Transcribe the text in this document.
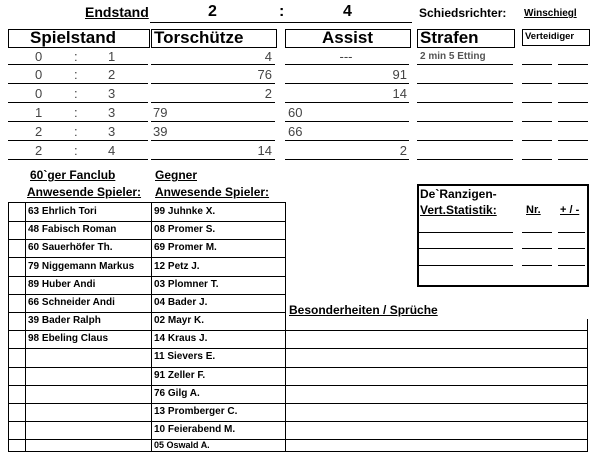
Endstand	2	:	4	Schiedsrichter: Winschiegl
Spielstand Torschütze	Assist	Strafen	Verteidiger
0 : 1	4	---	2 min 5 Etting
0 : 2	76	91
0 : 3	2	14
1 : 3	79	60
2 : 3	39	66
2 : 4	14	2
60`ger Fanclub
Anwesende Spieler:
Gegner
Anwesende Spieler:
63 Ehrlich Tori
48 Fabisch Roman
60 Sauerhöfer Th.
79 Niggemann Markus
89 Huber Andi
66 Schneider Andi
39 Bader Ralph
98 Ebeling Claus
99 Juhnke X.
08 Promer S.
69 Promer M.
12 Petz J.
03 Plomner T.
04 Bader J.
02 Mayr K.
14 Kraus J.
11 Sievers E.
91 Zeller F.
76 Gilg A.
13 Promberger C.
10 Feierabend M.
05 Oswald A.
Besonderheiten / Sprüche
De`Ranzigen-
Vert.Statistik:	Nr. + / -
